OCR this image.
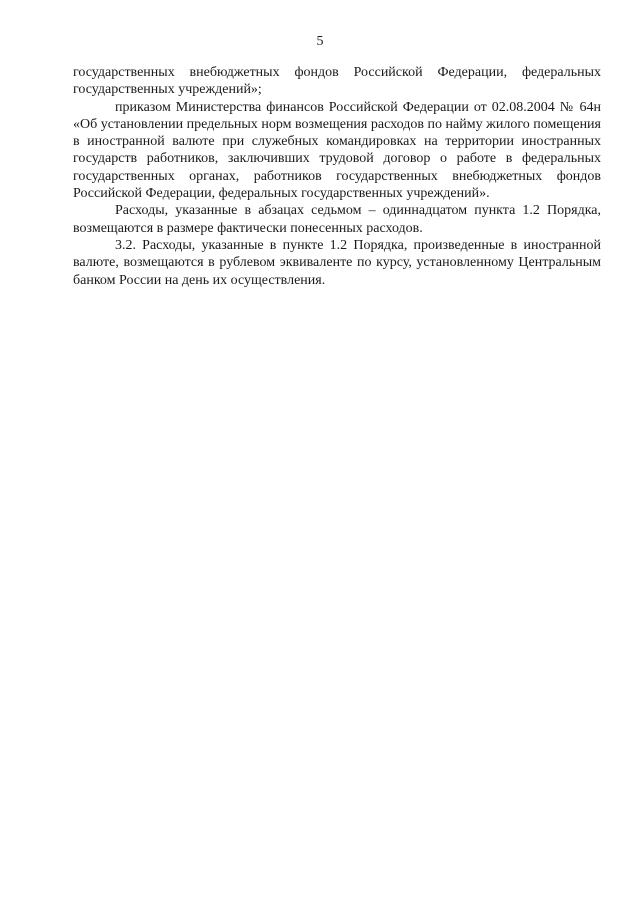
5

государственных внебюджетных фондов Российской Федерации, федеральных государственных учреждений»;

приказом Министерства финансов Российской Федерации от 02.08.2004 № 64н «Об установлении предельных норм возмещения расходов по найму жилого помещения в иностранной валюте при служебных командировках на территории иностранных государств работников, заключивших трудовой договор о работе в федеральных государственных органах, работников государственных внебюджетных фондов Российской Федерации, федеральных государственных учреждений».

Расходы, указанные в абзацах седьмом – одиннадцатом пункта 1.2 Порядка, возмещаются в размере фактически понесенных расходов.

3.2. Расходы, указанные в пункте 1.2 Порядка, произведенные в иностранной валюте, возмещаются в рублевом эквиваленте по курсу, установленному Центральным банком России на день их осуществления.
